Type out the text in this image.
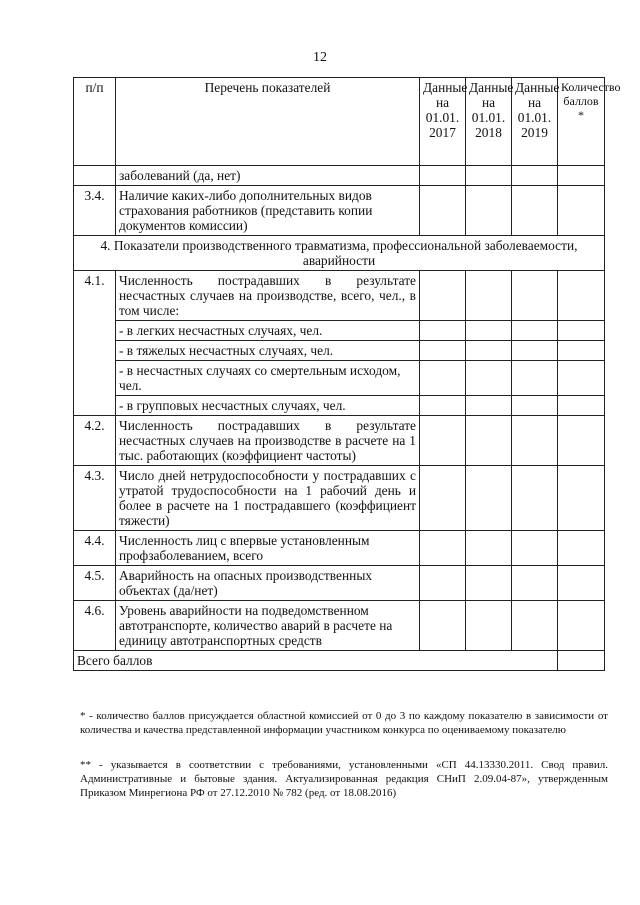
12
п/п	Перечень показателей	Данные на 01.01. 2017	Данные на 01.01. 2018	Данные на 01.01. 2019	Количество баллов *
	заболеваний (да, нет)				
3.4.	Наличие каких-либо дополнительных видов страхования работников (представить копии документов комиссии)				
4. Показатели производственного травматизма, профессиональной заболеваемости, аварийности					
4.1.	Численность пострадавших в результате несчастных случаев на производстве, всего, чел., в том числе:				
	- в легких несчастных случаях, чел.				
	- в тяжелых несчастных случаях, чел.				
	- в несчастных случаях со смертельным исходом, чел.				
	- в групповых несчастных случаях, чел.				
4.2.	Численность пострадавших в результате несчастных случаев на производстве в расчете на 1 тыс. работающих (коэффициент частоты)				
4.3.	Число дней нетрудоспособности у пострадавших с утратой трудоспособности на 1 рабочий день и более в расчете на 1 пострадавшего (коэффициент тяжести)				
4.4.	Численность лиц с впервые установленным профзаболеванием, всего				
4.5.	Аварийность на опасных производственных объектах (да/нет)				
4.6.	Уровень аварийности на подведомственном автотранспорте, количество аварий в расчете на единицу автотранспортных средств				
Всего баллов					
* - количество баллов присуждается областной комиссией от 0 до 3 по каждому показателю в зависимости от количества и качества представленной информации участником конкурса по оцениваемому показателю
** - указывается в соответствии с требованиями, установленными «СП 44.13330.2011. Свод правил. Административные и бытовые здания. Актуализированная редакция СНиП 2.09.04-87», утвержденным Приказом Минрегиона РФ от 27.12.2010 № 782 (ред. от 18.08.2016)
